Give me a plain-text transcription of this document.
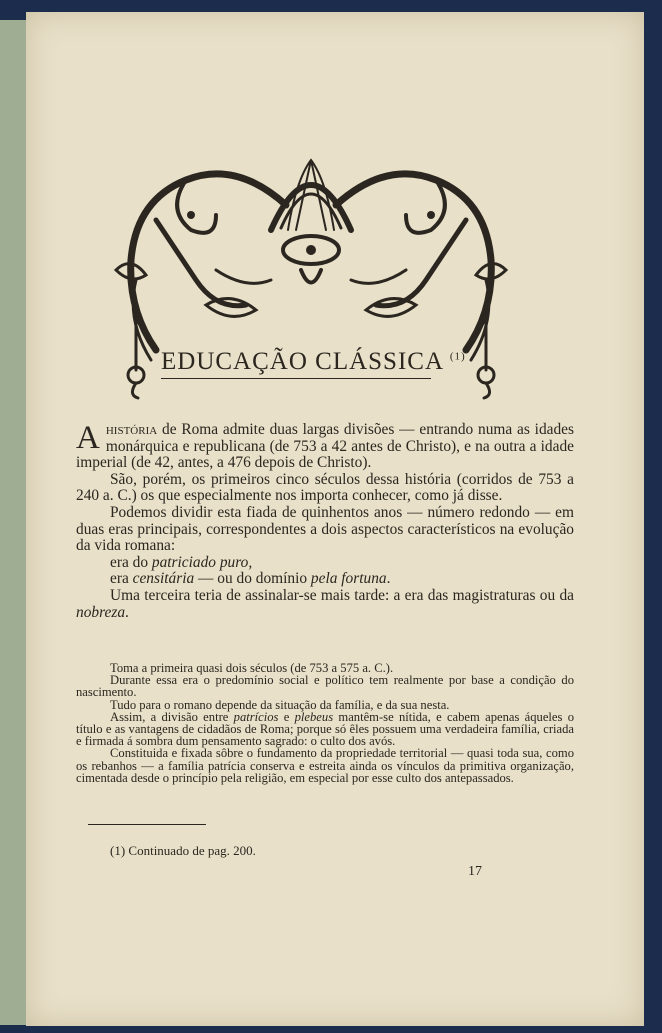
EDUCAÇÃO CLÁSSICA $^{(1)}$

Ahistória de Roma admite duas largas divisões — entrando numa as idades monárquica e republicana (de 753 a 42 antes de Christo), e na outra a idade imperial (de 42, antes, a 476 depois de Christo).

São, porém, os primeiros cinco séculos dessa história (corridos de 753 a 240 a. C.) os que especialmente nos importa conhecer, como já disse.

Podemos dividir esta fiada de quinhentos anos — número redondo — em duas eras principais, correspondentes a dois aspectos característicos na evolução da vida romana:

era do patriciado puro,

era censitária — ou do domínio pela fortuna.

Uma terceira teria de assinalar-se mais tarde: a era das magistraturas ou da nobreza.

Toma a primeira quasi dois séculos (de 753 a 575 a. C.).

Durante essa era o predomínio social e político tem realmente por base a condição do nascimento.

Tudo para o romano depende da situação da família, e da sua nesta.

Assim, a divisão entre patrícios e plebeus mantêm-se nítida, e cabem apenas áqueles o título e as vantagens de cidadãos de Roma; porque só êles possuem uma verdadeira família, criada e firmada á sombra dum pensamento sagrado: o culto dos avós.

Constituida e fixada sôbre o fundamento da propriedade territorial — quasi toda sua, como os rebanhos — a família patrícia conserva e estreita ainda os vínculos da primitiva organização, cimentada desde o princípio pela religião, em especial por esse culto dos antepassados.

(1) Continuado de pag. 200.
17
